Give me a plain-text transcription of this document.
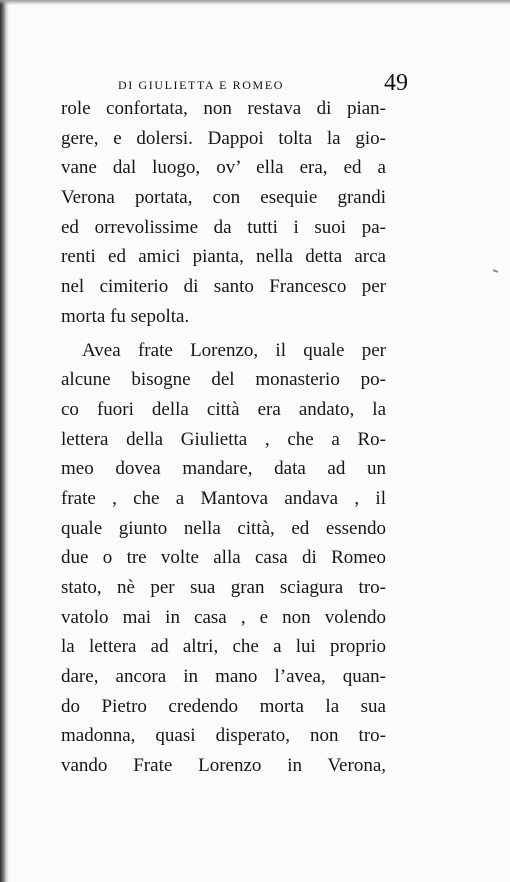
DI GIULIETTA E ROMEO	49
role confortata, non restava di pian-
gere, e dolersi. Dappoi tolta la gio-
vane dal luogo, ov’ ella era, ed a
Verona portata, con esequie grandi
ed orrevolissime da tutti i suoi pa-
renti ed amici pianta, nella detta arca
nel cimiterio di santo Francesco per
morta fu sepolta.
Avea frate Lorenzo, il quale per
alcune bisogne del monasterio po-
co fuori della città era andato, la
lettera della Giulietta , che a Ro-
meo dovea mandare, data ad un
frate , che a Mantova andava , il
quale giunto nella città, ed essendo
due o tre volte alla casa di Romeo
stato, nè per sua gran sciagura tro-
vatolo mai in casa , e non volendo
la lettera ad altri, che a lui proprio
dare, ancora in mano l’avea, quan-
do Pietro credendo morta la sua
madonna, quasi disperato, non tro-
vando Frate Lorenzo in Verona,
